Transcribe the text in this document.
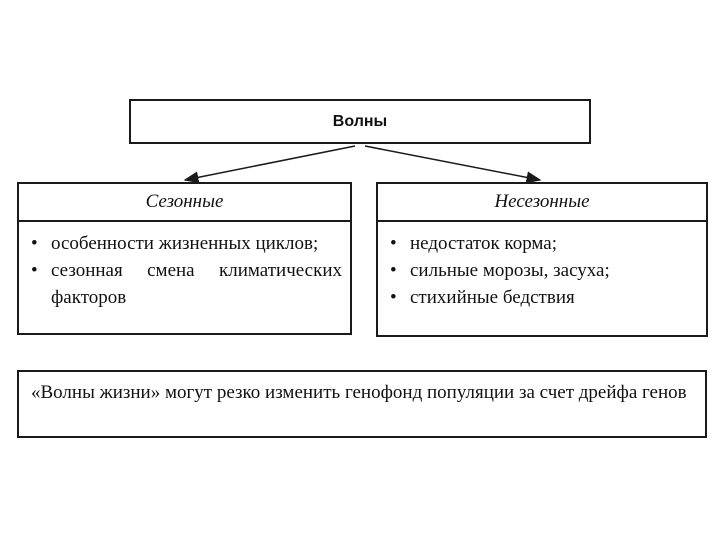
Волны
Сезонные
• особенности жизненных циклов;
• сезонная смена климатических факторов
Несезонные
• недостаток корма;
• сильные морозы, засуха;
• стихийные бедствия
«Волны жизни» могут резко изменить генофонд популяции за счет дрейфа генов
